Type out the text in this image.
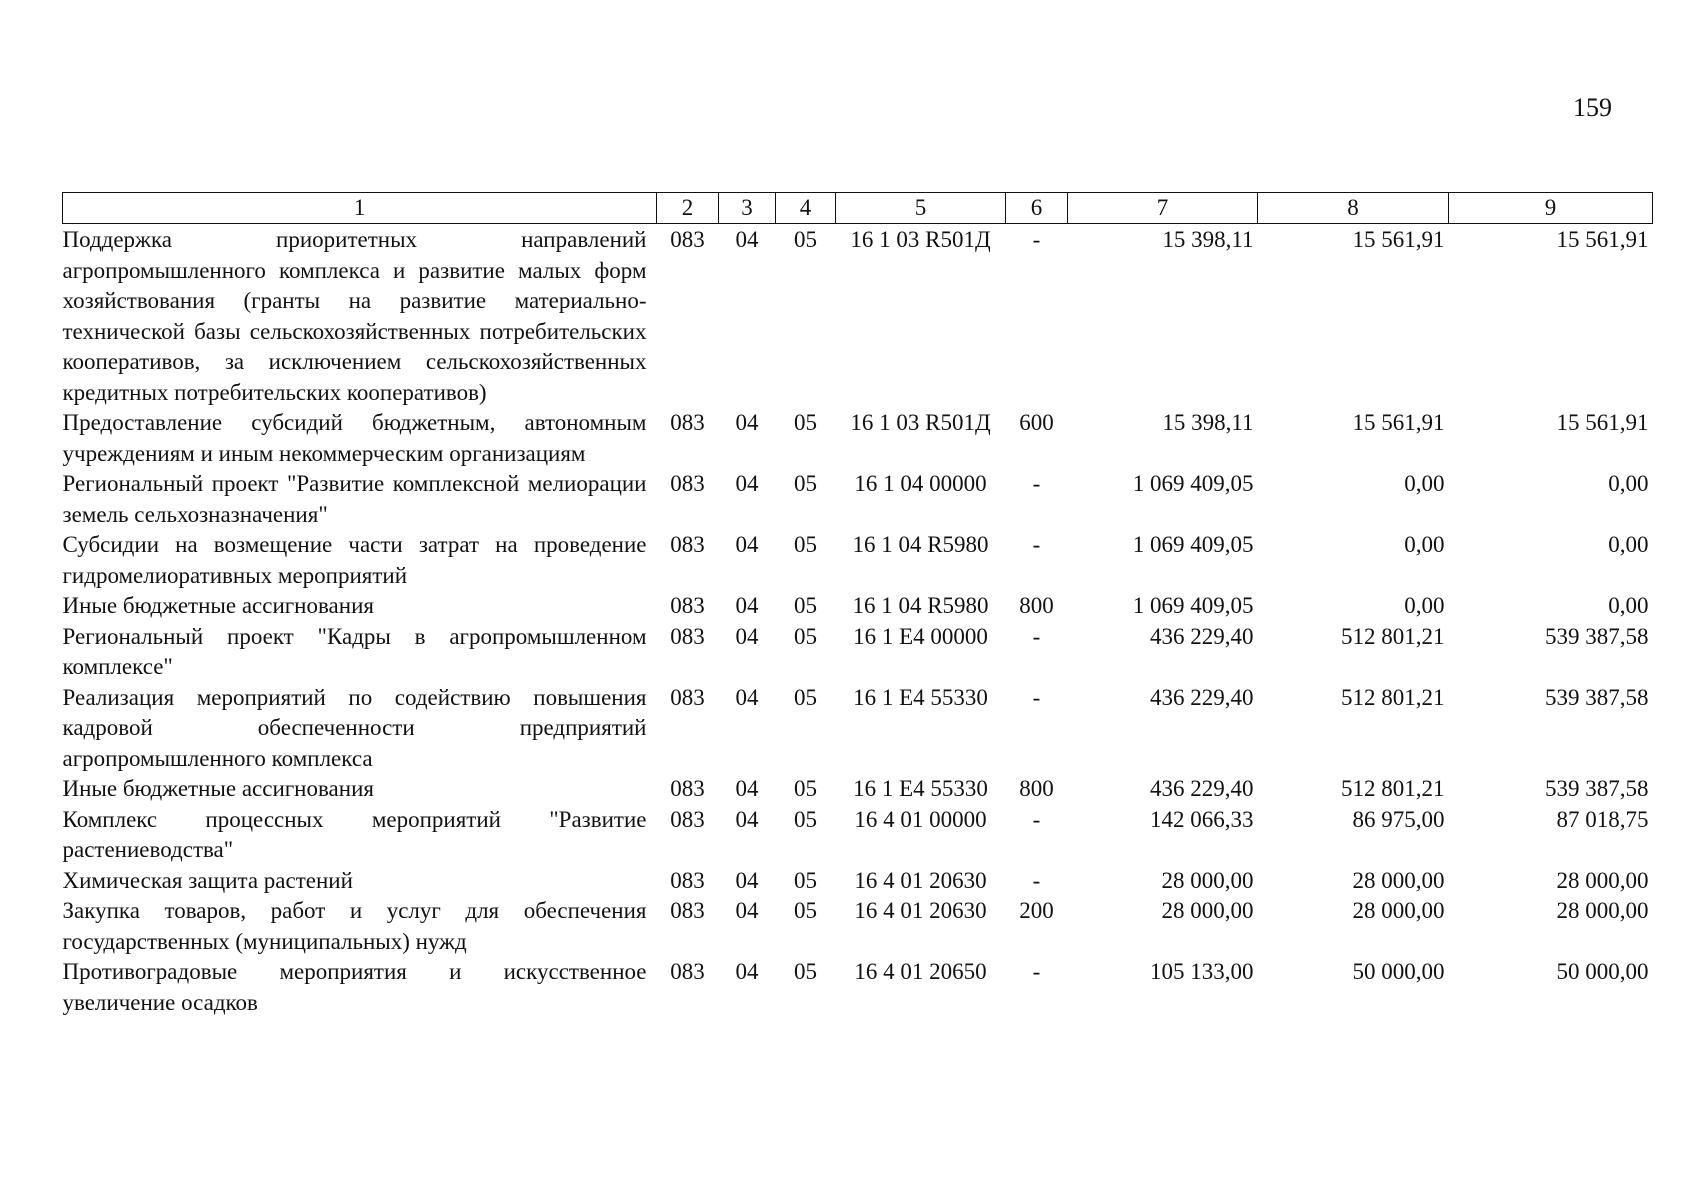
159
1	2	3	4	5	6	7	8	9
Поддержка приоритетных направлений агропромышленного комплекса и развитие малых форм хозяйствования (гранты на развитие материально-технической базы сельскохозяйственных потребительских кооперативов, за исключением сельскохозяйственных кредитных потребительских кооперативов)	083	04	05	16 1 03 R501Д	-	15 398,11	15 561,91	15 561,91
Предоставление субсидий бюджетным, автономным учреждениям и иным некоммерческим организациям	083	04	05	16 1 03 R501Д	600	15 398,11	15 561,91	15 561,91
Региональный проект "Развитие комплексной мелиорации земель сельхозназначения"	083	04	05	16 1 04 00000	-	1 069 409,05	0,00	0,00
Субсидии на возмещение части затрат на проведение гидромелиоративных мероприятий	083	04	05	16 1 04 R5980	-	1 069 409,05	0,00	0,00
Иные бюджетные ассигнования	083	04	05	16 1 04 R5980	800	1 069 409,05	0,00	0,00
Региональный проект "Кадры в агропромышленном комплексе"	083	04	05	16 1 E4 00000	-	436 229,40	512 801,21	539 387,58
Реализация мероприятий по содействию повышения кадровой обеспеченности предприятий агропромышленного комплекса	083	04	05	16 1 E4 55330	-	436 229,40	512 801,21	539 387,58
Иные бюджетные ассигнования	083	04	05	16 1 E4 55330	800	436 229,40	512 801,21	539 387,58
Комплекс процессных мероприятий "Развитие растениеводства"	083	04	05	16 4 01 00000	-	142 066,33	86 975,00	87 018,75
Химическая защита растений	083	04	05	16 4 01 20630	-	28 000,00	28 000,00	28 000,00
Закупка товаров, работ и услуг для обеспечения государственных (муниципальных) нужд	083	04	05	16 4 01 20630	200	28 000,00	28 000,00	28 000,00
Противоградовые мероприятия и искусственное увеличение осадков	083	04	05	16 4 01 20650	-	105 133,00	50 000,00	50 000,00
